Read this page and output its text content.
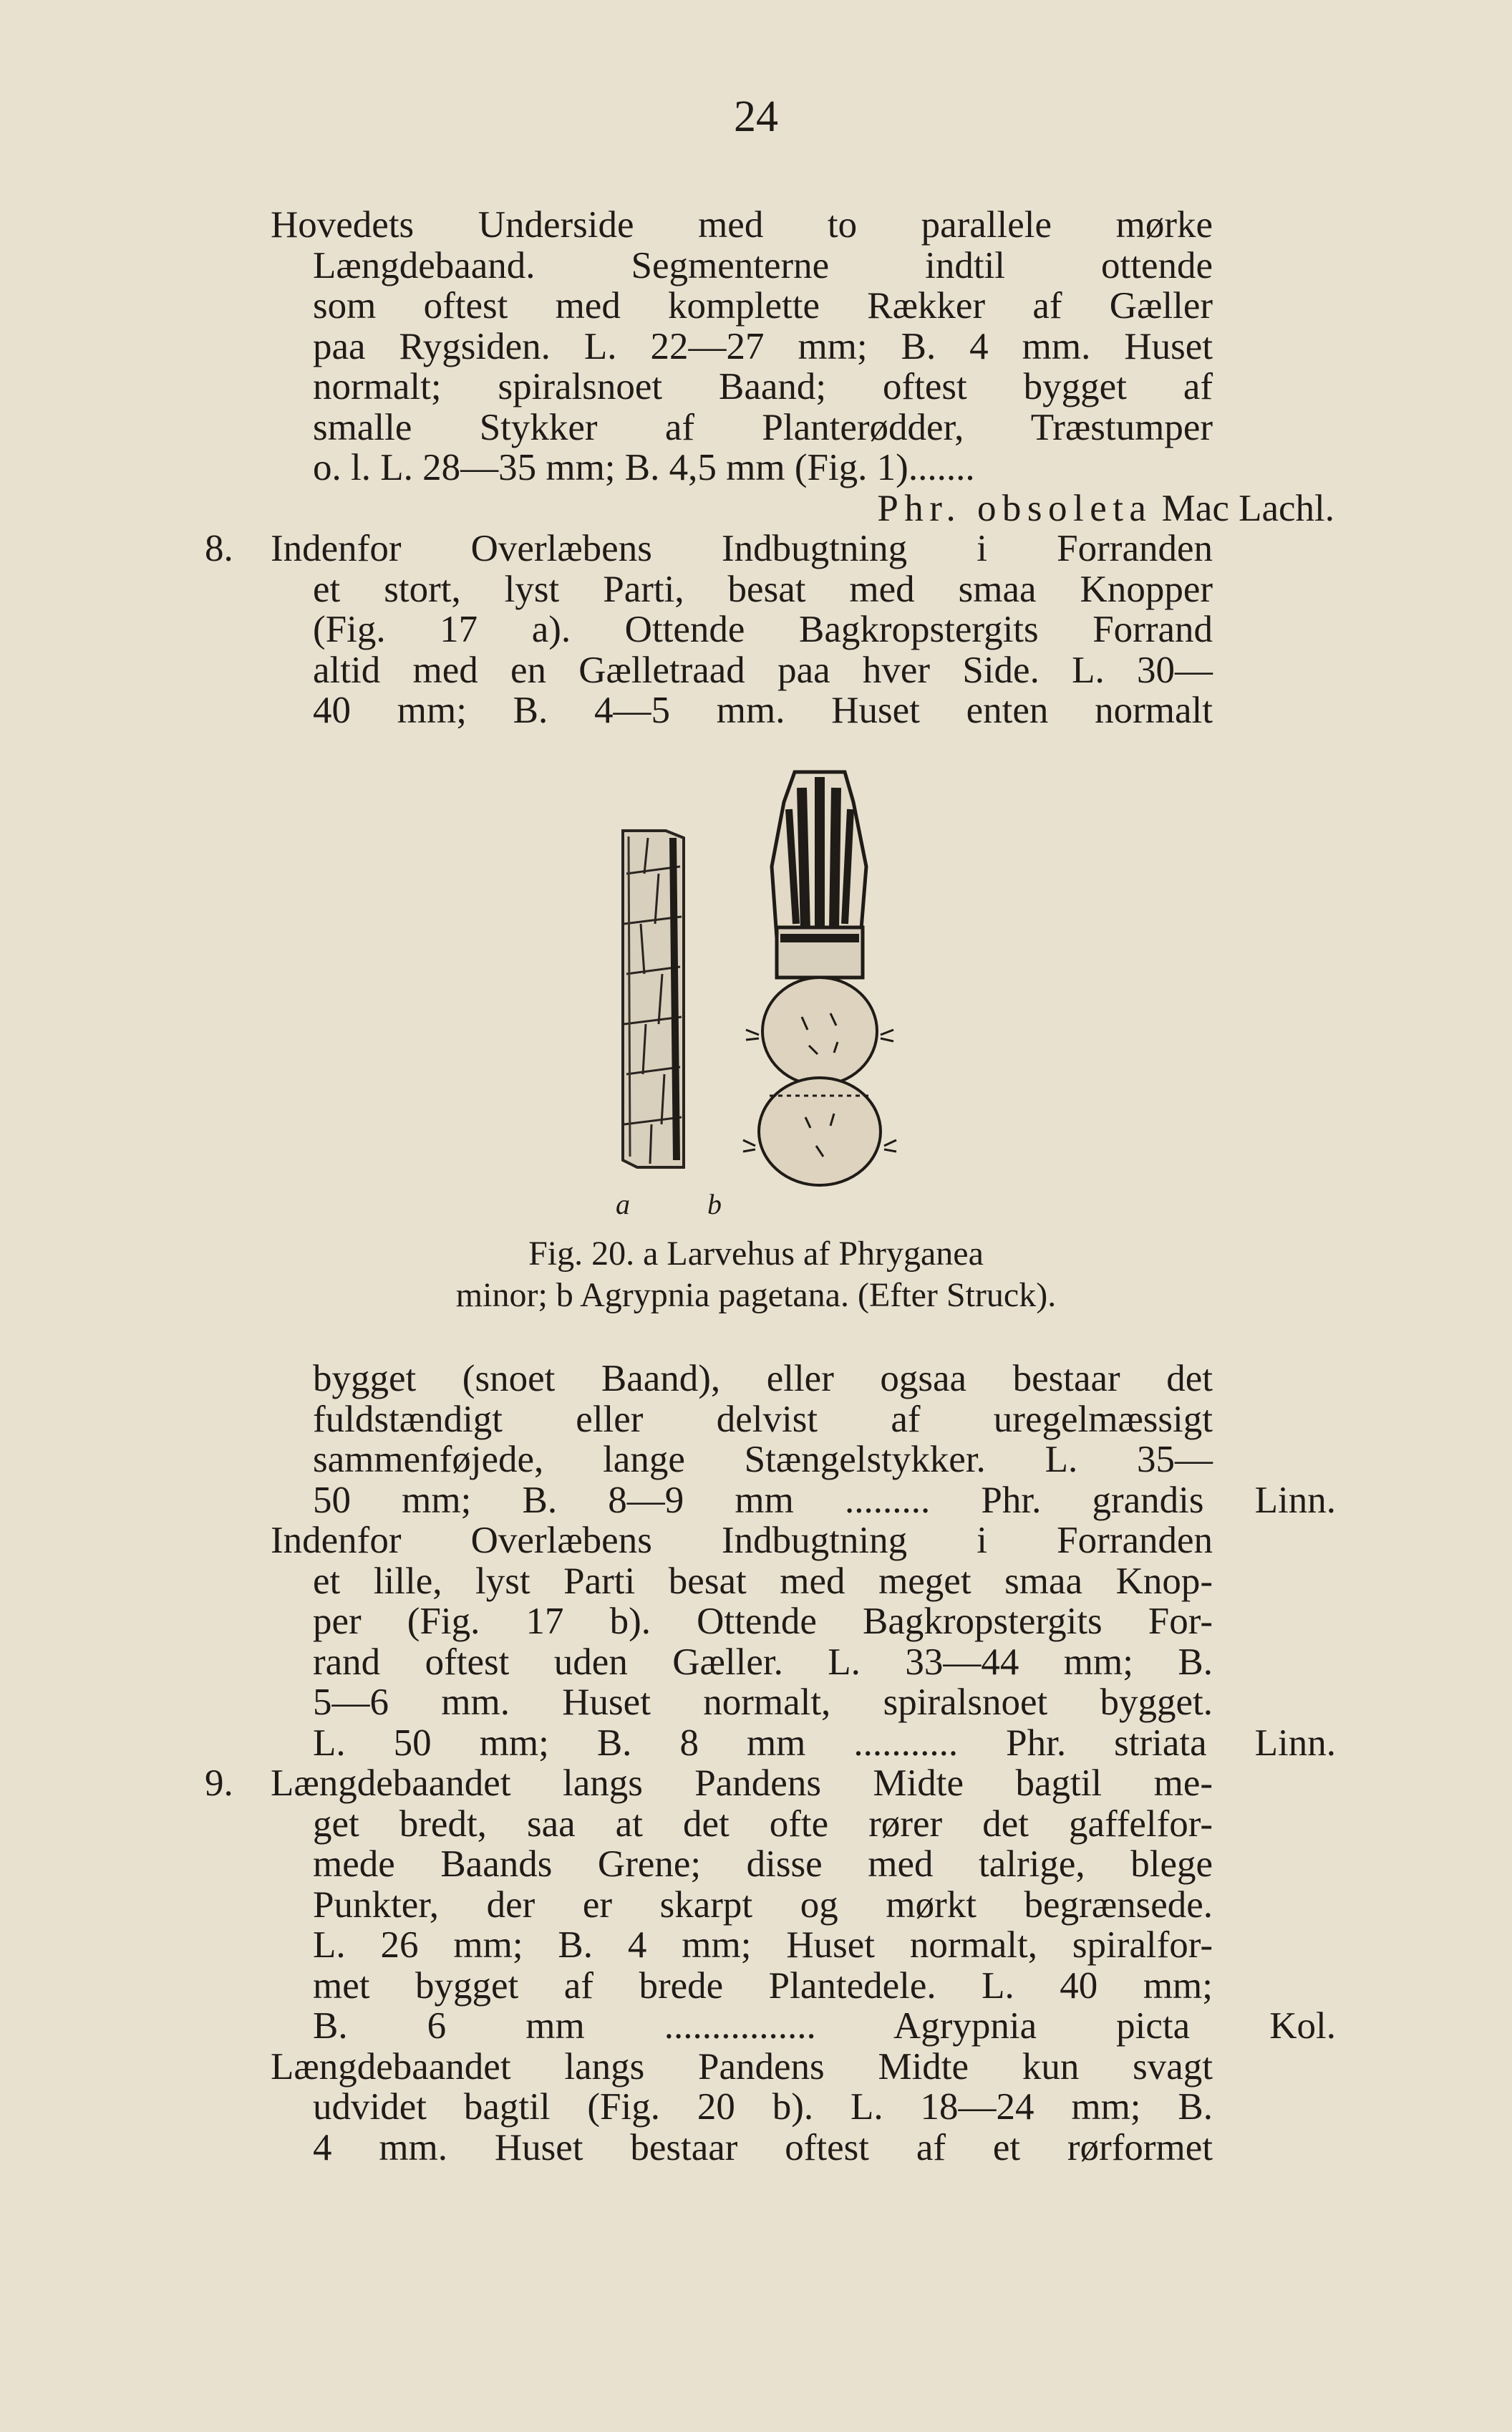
24
Hovedets Underside med to parallele mørke
Længdebaand. Segmenterne indtil ottende
som oftest med komplette Rækker af Gæller
paa Rygsiden. L. 22—27 mm; B. 4 mm. Huset
normalt; spiralsnoet Baand; oftest bygget af
smalle Stykker af Planterødder, Træstumper
o. l. L. 28—35 mm; B. 4,5 mm (Fig. 1).......
Phr. obsoleta Mac Lachl.
8. Indenfor Overlæbens Indbugtning i Forranden
et stort, lyst Parti, besat med smaa Knopper
(Fig. 17 a). Ottende Bagkropstergits Forrand
altid med en Gælletraad paa hver Side. L. 30—
40 mm; B. 4—5 mm. Huset enten normalt
a	b
Fig. 20. a Larvehus af Phryganea
minor; b Agrypnia pagetana. (Efter Struck).
bygget (snoet Baand), eller ogsaa bestaar det
fuldstændigt eller delvist af uregelmæssigt
sammenføjede, lange Stængelstykker. L. 35—
50 mm; B. 8—9 mm ......... Phr. grandis Linn.
Indenfor Overlæbens Indbugtning i Forranden
et lille, lyst Parti besat med meget smaa Knop-
per (Fig. 17 b). Ottende Bagkropstergits For-
rand oftest uden Gæller. L. 33—44 mm; B.
5—6 mm. Huset normalt, spiralsnoet bygget.
L. 50 mm; B. 8 mm ........... Phr. striata Linn.
9. Længdebaandet langs Pandens Midte bagtil me-
get bredt, saa at det ofte rører det gaffelfor-
mede Baands Grene; disse med talrige, blege
Punkter, der er skarpt og mørkt begrænsede.
L. 26 mm; B. 4 mm; Huset normalt, spiralfor-
met bygget af brede Plantedele. L. 40 mm;
B. 6 mm ................ Agrypnia picta Kol.
Længdebaandet langs Pandens Midte kun svagt
udvidet bagtil (Fig. 20 b). L. 18—24 mm; B.
4 mm. Huset bestaar oftest af et rørformet
